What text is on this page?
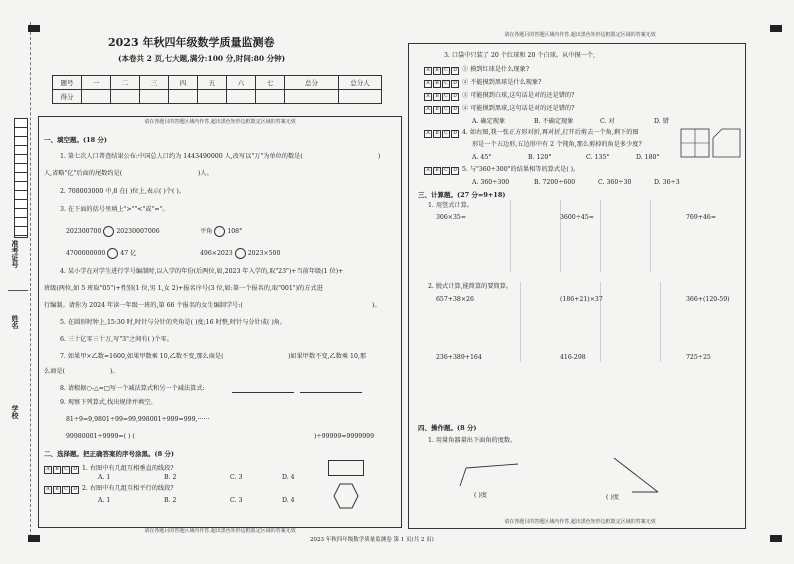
2023 年秋四年级数学质量监测卷
(本卷共 2 页,七大题,满分:100 分,时间:80 分钟)
题号	一	二	三	四	五	六	七	总分	总分人
得分									
准考证号
姓名
学校
请在各题目的答题区域内作答,超出黑色矩形边框限定区域的答案无效
请在各题目的答题区域内作答,超出黑色矩形边框限定区域的答案无效
一、填空题。(18 分)
1. 第七次人口普查结果公布:中国总人口约为 1443490000 人,改写以"万"为单位的数是(	)
人,省略"亿"后面的尾数约是(	)人。
2. 708003000 中,8 在( )位上,表示( )个( )。
3. 在下面的括号里填上">""<"或"="。
202300700 20230007006	平角 108°
4700000000 47 亿	496×2023 2023×500
4. 某小学在对学生进行学号编制时,以入学的年份(后两位,如,2023 年入学的,取"23")+当前年级(1 位)+
班级(两位,如 5 班取"05")+性别(1 位,男 1,女 2)+报名序号(3 位,如:第一个报名的,取"001")的方式进
行编制。请你为 2024 年读一年级一班的,第 66 个报名的女生编制学号:(	)。
5. 在圆形时钟上,15:30 时,时针与分针的夹角是( )度;16 时整,时针与分针成( )角。
6. 三十亿零三十万,写"3"之间有( )个零。
7. 如果甲×乙数=1600,如果甲数乘 10,乙数不变,那么商是(	)如果甲数不变,乙数乘 10,那
么商是(	)。
8. 请根据○-△=□写一个减法算式和另一个减法算式:
9. 观察下列算式,找出规律并填空。
81÷9=9,9801÷99=99,998001÷999=999,······
99980001÷9999=( ) (	)÷99999=9999999
二、选择题。把正确答案的序号涂黑。(8 分)
A B C D 1. 右图中有几组互相垂直的线段?
A. 1	B. 2	C. 3	D. 4
A B C D 2. 右图中有几组互相平行的线段?
A. 1	B. 2	C. 3	D. 4
请在各题目的答题区域内作答,超出黑色矩形边框限定区域的答案无效
请在各题目的答题区域内作答,超出黑色矩形边框限定区域的答案无效
3. 口袋中只装了 20 个红球和 20 个白球。从中摸一个,
A B C D ① 摸到红球是什么现象?
A B C D ② 不能摸到黑球是什么现象?
A B C D ③ 可能摸到白球,这句话是对的还是错的?
A B C D ④ 可能摸到黑球,这句话是对的还是错的?
A. 确定现象	B. 不确定现象	C. 对	D. 错
A B C D 4. 如右图,我一张正方形对折,再对折,打开后剪去一个角,剩下的图
形是一个五边形,五边形中有 2 个钝角,那么剪掉的角是多少度?
A. 45°	B. 120°	C. 135°	D. 180°
A B C D 5. 与"360÷300"的结果相等的算式是( )。
A. 360÷300	B. 7200÷600	C. 360÷30	D. 36÷3
三、计算题。(27 分=9+18)
1. 用竖式计算。
306×35=	3600÷45=	769+46=
2. 脱式计算,能简算的要简算。
657+38×26	(186+21)×37	366+(120-59)
236+389+164	416-298	725÷25
四、操作题。(8 分)
1. 用量角器量出下面角的度数。
( )度	( )度
2023 年秋四年级数学质量监测卷 第 1 页(共 2 页)
